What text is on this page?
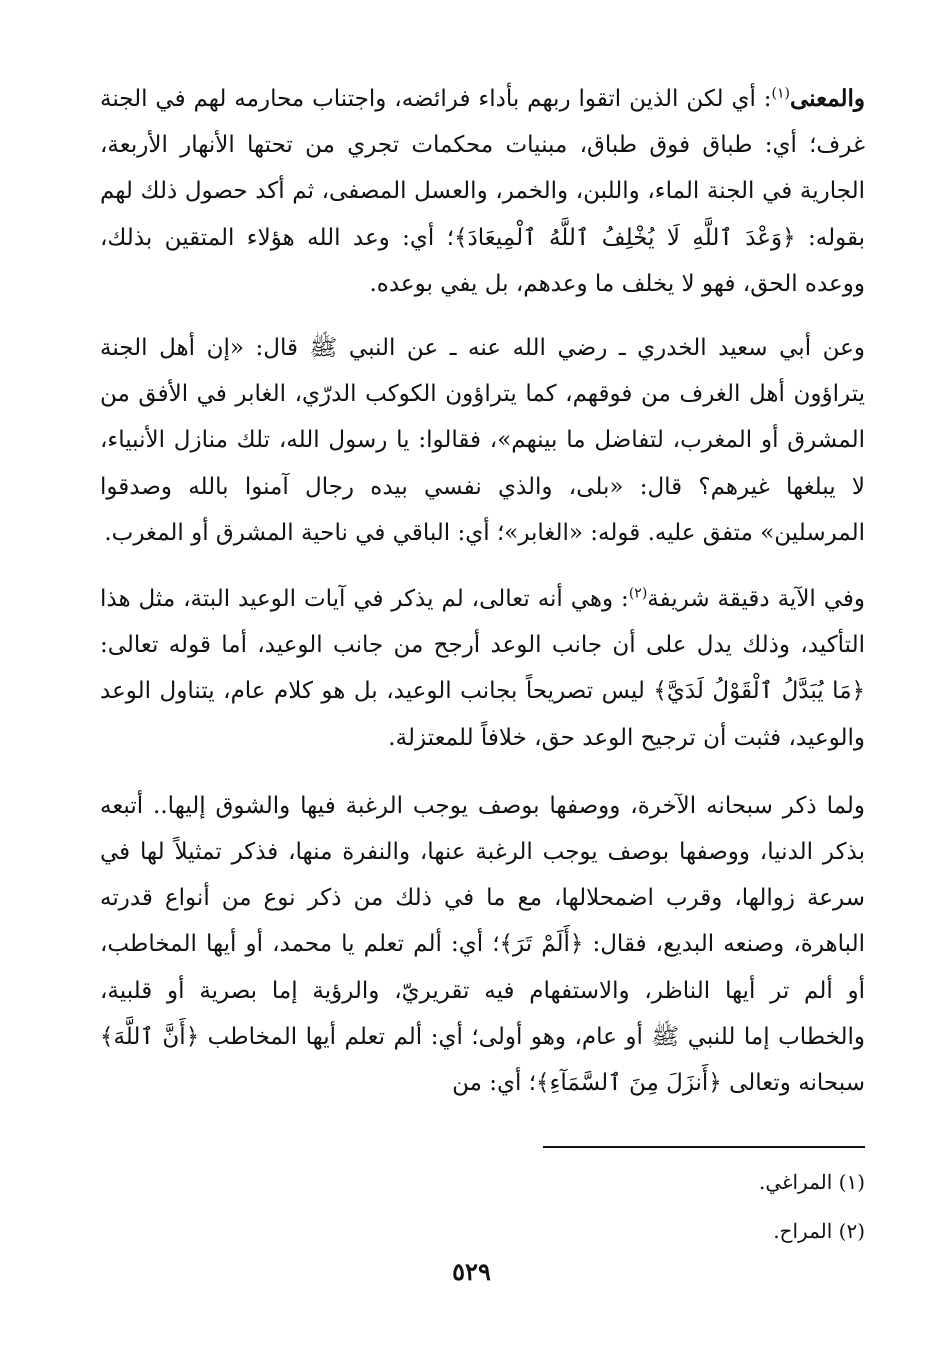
والمعنى$^{(١)}$: أي لكن الذين اتقوا ربهم بأداء فرائضه، واجتناب محارمه لهم في الجنة غرف؛ أي: طباق فوق طباق، مبنيات محكمات تجري من تحتها الأنهار الأربعة، الجارية في الجنة الماء، واللبن، والخمر، والعسل المصفى، ثم أكد حصول ذلك لهم بقوله: ﴿وَعْدَ ٱللَّهِ لَا يُخْلِفُ ٱللَّهُ ٱلْمِيعَادَ﴾؛ أي: وعد الله هؤلاء المتقين بذلك، ووعده الحق، فهو لا يخلف ما وعدهم، بل يفي بوعده.

وعن أبي سعيد الخدري ـ رضي الله عنه ـ عن النبي ﷺ قال: «إن أهل الجنة يتراؤون أهل الغرف من فوقهم، كما يتراؤون الكوكب الدرّي، الغابر في الأفق من المشرق أو المغرب، لتفاضل ما بينهم»، فقالوا: يا رسول الله، تلك منازل الأنبياء، لا يبلغها غيرهم؟ قال: «بلى، والذي نفسي بيده رجال آمنوا بالله وصدقوا المرسلين» متفق عليه. قوله: «الغابر»؛ أي: الباقي في ناحية المشرق أو المغرب.

وفي الآية دقيقة شريفة$^{(٢)}$: وهي أنه تعالى، لم يذكر في آيات الوعيد البتة، مثل هذا التأكيد، وذلك يدل على أن جانب الوعد أرجح من جانب الوعيد، أما قوله تعالى: ﴿مَا يُبَدَّلُ ٱلْقَوْلُ لَدَيَّ﴾ ليس تصريحاً بجانب الوعيد، بل هو كلام عام، يتناول الوعد والوعيد، فثبت أن ترجيح الوعد حق، خلافاً للمعتزلة.

ولما ذكر سبحانه الآخرة، ووصفها بوصف يوجب الرغبة فيها والشوق إليها.. أتبعه بذكر الدنيا، ووصفها بوصف يوجب الرغبة عنها، والنفرة منها، فذكر تمثيلاً لها في سرعة زوالها، وقرب اضمحلالها، مع ما في ذلك من ذكر نوع من أنواع قدرته الباهرة، وصنعه البديع، فقال: ﴿أَلَمْ تَرَ﴾؛ أي: ألم تعلم يا محمد، أو أيها المخاطب، أو ألم تر أيها الناظر، والاستفهام فيه تقريريّ، والرؤية إما بصرية أو قلبية، والخطاب إما للنبي ﷺ أو عام، وهو أولى؛ أي: ألم تعلم أيها المخاطب ﴿أَنَّ ٱللَّهَ﴾ سبحانه وتعالى ﴿أَنزَلَ مِنَ ٱلسَّمَآءِ﴾؛ أي: من

(١) المراغي.
(٢) المراح.
٥٢٩
